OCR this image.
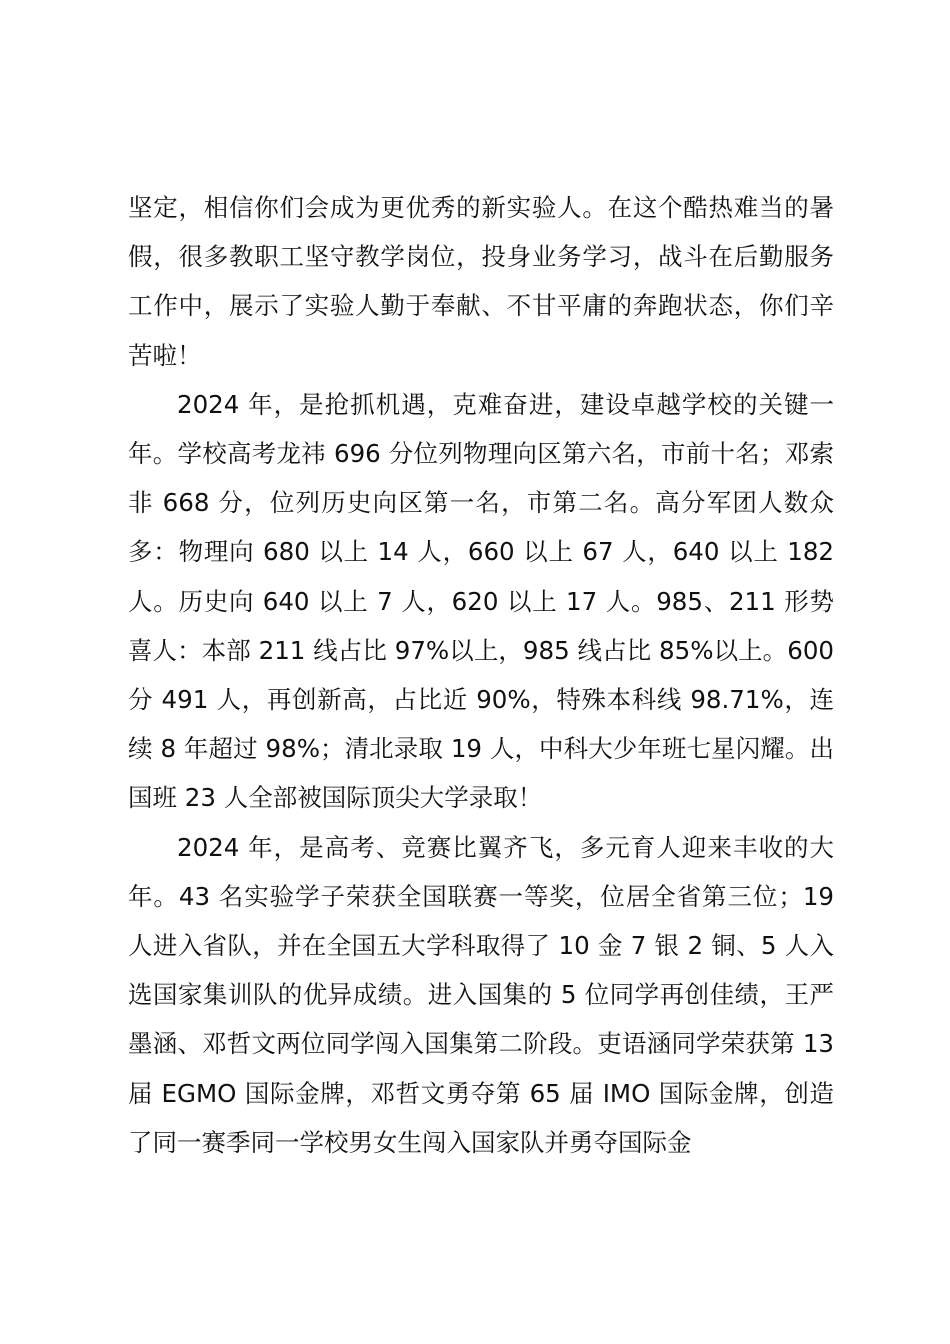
坚定，相信你们会成为更优秀的新实验人。在这个酷热难当的暑假，很多教职工坚守教学岗位，投身业务学习，战斗在后勤服务工作中，展示了实验人勤于奉献、不甘平庸的奔跑状态，你们辛苦啦！

2024 年，是抢抓机遇，克难奋进，建设卓越学校的关键一年。学校高考龙祎 696 分位列物理向区第六名，市前十名；邓索非 668 分，位列历史向区第一名，市第二名。高分军团人数众多：物理向 680 以上 14 人，660 以上 67 人，640 以上 182 人。历史向 640 以上 7 人，620 以上 17 人。985、211 形势喜人：本部 211 线占比 97%以上，985 线占比 85%以上。600 分 491 人，再创新高，占比近 90%，特殊本科线 98.71%，连续 8 年超过 98%；清北录取 19 人，中科大少年班七星闪耀。出国班 23 人全部被国际顶尖大学录取！

2024 年，是高考、竞赛比翼齐飞，多元育人迎来丰收的大年。43 名实验学子荣获全国联赛一等奖，位居全省第三位；19 人进入省队，并在全国五大学科取得了 10 金 7 银 2 铜、5 人入选国家集训队的优异成绩。进入国集的 5 位同学再创佳绩，王严墨涵、邓哲文两位同学闯入国集第二阶段。吏语涵同学荣获第 13 届 EGMO 国际金牌，邓哲文勇夺第 65 届 IMO 国际金牌，创造了同一赛季同一学校男女生闯入国家队并勇夺国际金
